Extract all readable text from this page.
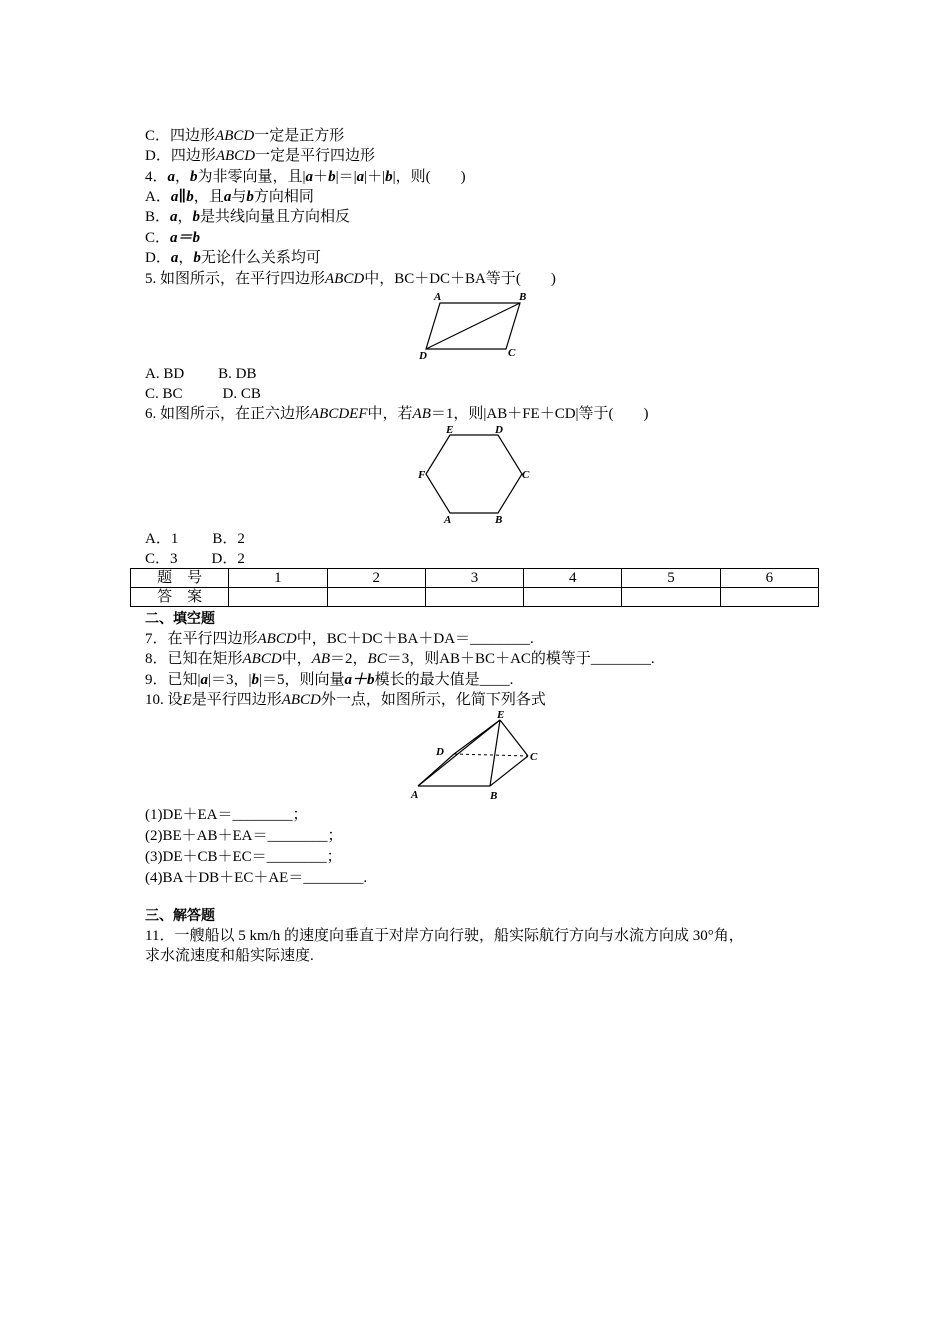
C．四边形ABCD一定是正方形
D．四边形ABCD一定是平行四边形
4．a，b为非零向量，且|a＋b|＝|a|＋|b|，则(　　)
A．a∥b，且a与b方向相同
B．a，b是共线向量且方向相反
C．a＝b
D．a，b无论什么关系均可
5. 如图所示，在平行四边形ABCD中，BC＋DC＋BA等于(　　)
A	B
C
D
A. BD B. DB
C. BC	D. CB
6. 如图所示，在正六边形ABCDEF中，若AB＝1，则|AB＋FE＋CD|等于(　　)
E	D
C
F
A	B
A．1 B．2
C．3 D．2
题　号	1	2	3	4	5	6
答　案						
二、填空题
7．在平行四边形ABCD中，BC＋DC＋BA＋DA＝________.
8．已知在矩形ABCD中，AB＝2，BC＝3，则AB＋BC＋AC的模等于________.
9．已知|a|＝3，|b|＝5，则向量a＋b模长的最大值是____.
10. 设E是平行四边形ABCD外一点，如图所示，化简下列各式
E
D	C
A	B
(1)DE＋EA＝________；
(2)BE＋AB＋EA＝________；
(3)DE＋CB＋EC＝________；
(4)BA＋DB＋EC＋AE＝________.
三、解答题
11．一艘船以 5 km/h 的速度向垂直于对岸方向行驶，船实际航行方向与水流方向成 30°角，
求水流速度和船实际速度.
